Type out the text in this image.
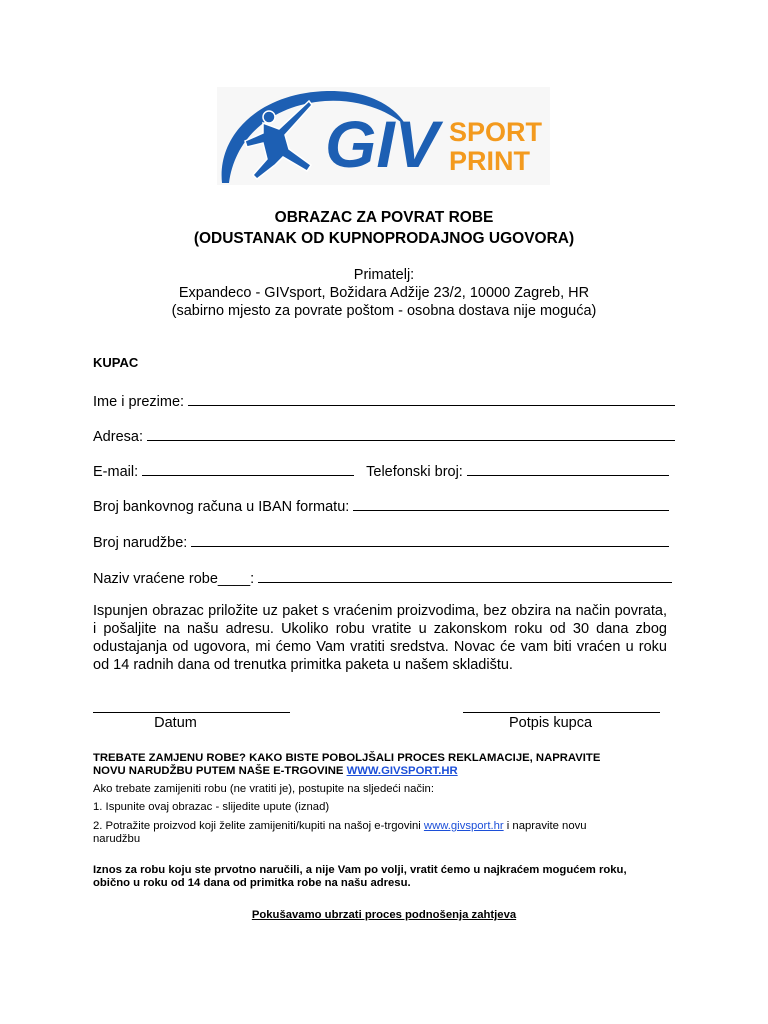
GIV SPORT
PRINT
OBRAZAC ZA POVRAT ROBE
(ODUSTANAK OD KUPNOPRODAJNOG UGOVORA)
Primatelj:
Expandeco - GIVsport, Božidara Adžije 23/2, 10000 Zagreb, HR
(sabirno mjesto za povrate poštom - osobna dostava nije moguća)
KUPAC
Ime i prezime:
Adresa:
E-mail:	Telefonski broj:
Broj bankovnog računa u IBAN formatu:
Broj narudžbe:
Naziv vraćene robe____:
Ispunjen obrazac priložite uz paket s vraćenim proizvodima, bez obzira na način povrata, i pošaljite na našu adresu. Ukoliko robu vratite u zakonskom roku od 30 dana zbog odustajanja od ugovora, mi ćemo Vam vratiti sredstva. Novac će vam biti vraćen u roku od 14 radnih dana od trenutka primitka paketa u našem skladištu.
Datum	Potpis kupca
TREBATE ZAMJENU ROBE? KAKO BISTE POBOLJŠALI PROCES REKLAMACIJE, NAPRAVITE NOVU NARUDŽBU PUTEM NAŠE E-TRGOVINE WWW.GIVSPORT.HR
Ako trebate zamijeniti robu (ne vratiti je), postupite na sljedeći način:
1. Ispunite ovaj obrazac - slijedite upute (iznad)
2. Potražite proizvod koji želite zamijeniti/kupiti na našoj e-trgovini www.givsport.hr i napravite novu narudžbu
Iznos za robu koju ste prvotno naručili, a nije Vam po volji, vratit ćemo u najkraćem mogućem roku, obično u roku od 14 dana od primitka robe na našu adresu.
Pokušavamo ubrzati proces podnošenja zahtjeva
